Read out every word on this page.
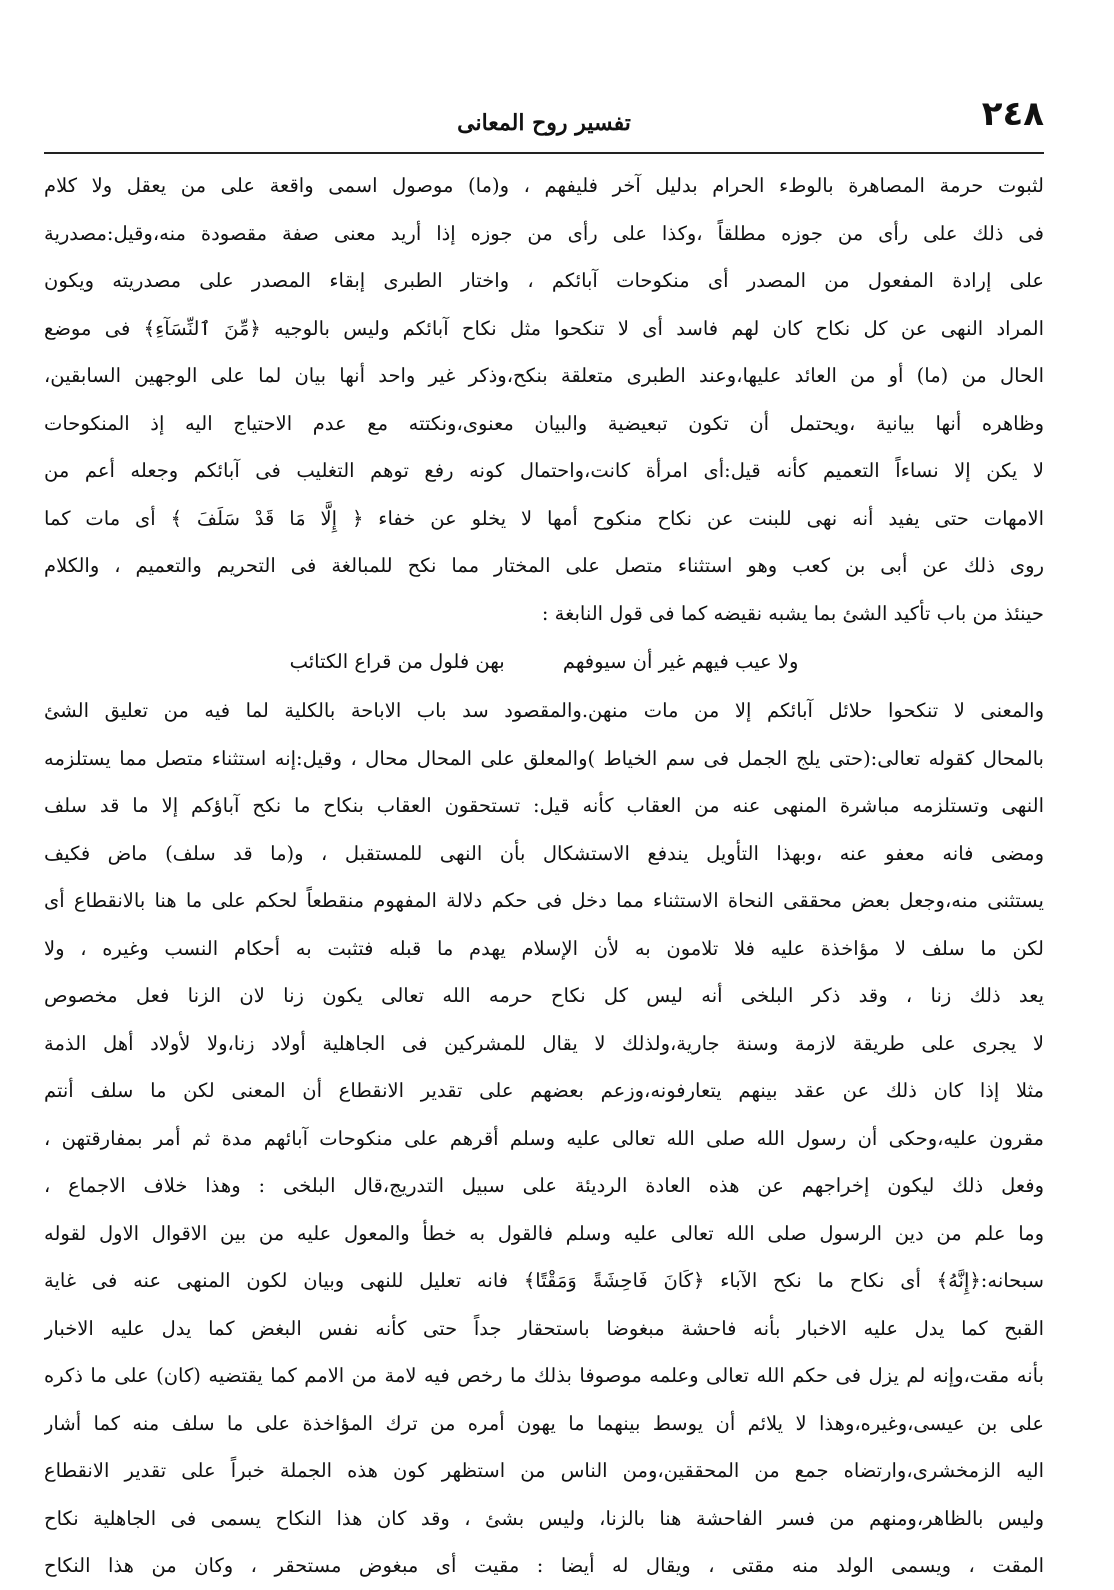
٢٤٨
تفسير روح المعانى
لثبوت حرمة المصاهرة بالوطء الحرام بدليل آخر فليفهم ، و(ما) موصول اسمى واقعة على من يعقل ولا كلام
فى ذلك على رأى من جوزه مطلقاً ،وكذا على رأى من جوزه إذا أريد معنى صفة مقصودة منه،وقيل:مصدرية
على إرادة المفعول من المصدر أى منكوحات آبائكم ، واختار الطبرى إبقاء المصدر على مصدريته ويكون
المراد النهى عن كل نكاح كان لهم فاسد أى لا تنكحوا مثل نكاح آبائكم وليس بالوجيه ﴿مِّنَ ٱلنِّسَآءِ﴾ فى موضع
الحال من (ما) أو من العائد عليها،وعند الطبرى متعلقة بنكح،وذكر غير واحد أنها بيان لما على الوجهين السابقين،
وظاهره أنها بيانية ،ويحتمل أن تكون تبعيضية والبيان معنوى،ونكتته مع عدم الاحتياج اليه إذ المنكوحات
لا يكن إلا نساءاً التعميم كأنه قيل:أى امرأة كانت،واحتمال كونه رفع توهم التغليب فى آبائكم وجعله أعم من
الامهات حتى يفيد أنه نهى للبنت عن نكاح منكوح أمها لا يخلو عن خفاء ﴿ إِلَّا مَا قَدْ سَلَفَ ﴾ أى مات كما
روى ذلك عن أبى بن كعب وهو استثناء متصل على المختار مما نكح للمبالغة فى التحريم والتعميم ، والكلام
حينئذ من باب تأكيد الشئ بما يشبه نقيضه كما فى قول النابغة :
ولا عيب فيهم غير أن سيوفهم بهن فلول من قراع الكتائب
والمعنى لا تنكحوا حلائل آبائكم إلا من مات منهن.والمقصود سد باب الاباحة بالكلية لما فيه من تعليق الشئ
بالمحال كقوله تعالى:(حتى يلج الجمل فى سم الخياط )والمعلق على المحال محال ، وقيل:إنه استثناء متصل مما يستلزمه
النهى وتستلزمه مباشرة المنهى عنه من العقاب كأنه قيل: تستحقون العقاب بنكاح ما نكح آباؤكم إلا ما قد سلف
ومضى فانه معفو عنه ،وبهذا التأويل يندفع الاستشكال بأن النهى للمستقبل ، و(ما قد سلف) ماض فكيف
يستثنى منه،وجعل بعض محققى النحاة الاستثناء مما دخل فى حكم دلالة المفهوم منقطعاً لحكم على ما هنا بالانقطاع أى
لكن ما سلف لا مؤاخذة عليه فلا تلامون به لأن الإسلام يهدم ما قبله فتثبت به أحكام النسب وغيره ، ولا
يعد ذلك زنا ، وقد ذكر البلخى أنه ليس كل نكاح حرمه الله تعالى يكون زنا لان الزنا فعل مخصوص
لا يجرى على طريقة لازمة وسنة جارية،ولذلك لا يقال للمشركين فى الجاهلية أولاد زنا،ولا لأولاد أهل الذمة
مثلا إذا كان ذلك عن عقد بينهم يتعارفونه،وزعم بعضهم على تقدير الانقطاع أن المعنى لكن ما سلف أنتم
مقرون عليه،وحكى أن رسول الله صلى الله تعالى عليه وسلم أقرهم على منكوحات آبائهم مدة ثم أمر بمفارقتهن ،
وفعل ذلك ليكون إخراجهم عن هذه العادة الرديئة على سبيل التدريج،قال البلخى : وهذا خلاف الاجماع ،
وما علم من دين الرسول صلى الله تعالى عليه وسلم فالقول به خطأ والمعول عليه من بين الاقوال الاول لقوله
سبحانه:﴿إِنَّهُ﴾ أى نكاح ما نكح الآباء ﴿كَانَ فَاحِشَةً وَمَقْتًا﴾ فانه تعليل للنهى وبيان لكون المنهى عنه فى غاية
القبح كما يدل عليه الاخبار بأنه فاحشة مبغوضا باستحقار جداً حتى كأنه نفس البغض كما يدل عليه الاخبار
بأنه مقت،وإنه لم يزل فى حكم الله تعالى وعلمه موصوفا بذلك ما رخص فيه لامة من الامم كما يقتضيه (كان) على ما ذكره
على بن عيسى،وغيره،وهذا لا يلائم أن يوسط بينهما ما يهون أمره من ترك المؤاخذة على ما سلف منه كما أشار
اليه الزمخشرى،وارتضاه جمع من المحققين،ومن الناس من استظهر كون هذه الجملة خبراً على تقدير الانقطاع
وليس بالظاهر،ومنهم من فسر الفاحشة هنا بالزنا، وليس بشئ ، وقد كان هذا النكاح يسمى فى الجاهلية نكاح
المقت ، ويسمى الولد منه مقتى ، ويقال له أيضا : مقيت أى مبغوض مستحقر ، وكان من هذا النكاح
